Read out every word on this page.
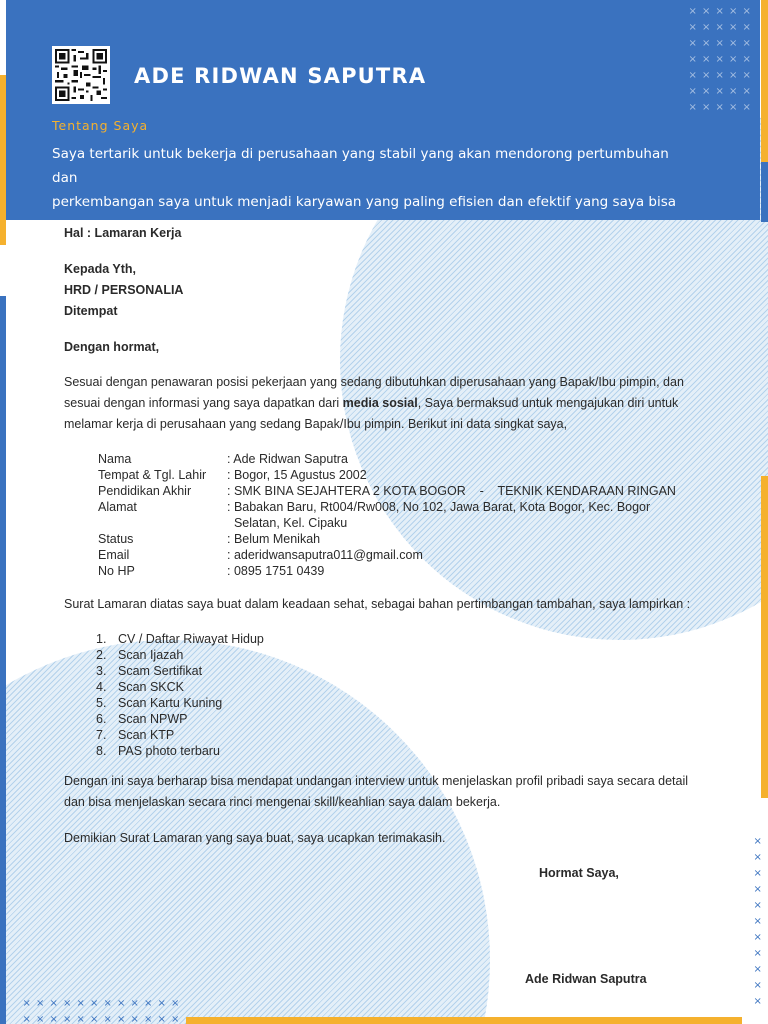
×
×
×
×
×
×
×
×
×
×
×
× × × × × × × × × × × ×
× × × × × × × × × × × ×
× × × × ×
× × × × ×
× × × × ×
× × × × ×
× × × × ×
× × × × ×
× × × × ×
ADE RIDWAN SAPUTRA
Tentang Saya
Saya tertarik untuk bekerja di perusahaan yang stabil yang akan mendorong pertumbuhan dan
perkembangan saya untuk menjadi karyawan yang paling efisien dan efektif yang saya bisa
Hal : Lamaran Kerja
Kepada Yth,
HRD / PERSONALIA
Ditempat
Dengan hormat,
Sesuai dengan penawaran posisi pekerjaan yang sedang dibutuhkan diperusahaan yang Bapak/Ibu pimpin, dan
sesuai dengan informasi yang saya dapatkan dari media sosial, Saya bermaksud untuk mengajukan diri untuk
melamar kerja di perusahaan yang sedang Bapak/Ibu pimpin. Berikut ini data singkat saya,
Nama	: Ade Ridwan Saputra
Tempat & Tgl. Lahir	: Bogor, 15 Agustus 2002
Pendidikan Akhir	: SMK BINA SEJAHTERA 2 KOTA BOGOR    -    TEKNIK KENDARAAN RINGAN
Alamat	: Babakan Baru, Rt004/Rw008, No 102, Jawa Barat, Kota Bogor, Kec. Bogor
	Selatan, Kel. Cipaku
Status	: Belum Menikah
Email	: aderidwansaputra011@gmail.com
No HP	: 0895 1751 0439
Surat Lamaran diatas saya buat dalam keadaan sehat, sebagai bahan pertimbangan tambahan, saya lampirkan :
1. CV / Daftar Riwayat Hidup
2. Scan Ijazah
3. Scam Sertifikat
4. Scan SKCK
5. Scan Kartu Kuning
6. Scan NPWP
7. Scan KTP
8. PAS photo terbaru
Dengan ini saya berharap bisa mendapat undangan interview untuk menjelaskan profil pribadi saya secara detail
dan bisa menjelaskan secara rinci mengenai skill/keahlian saya dalam bekerja.
Demikian Surat Lamaran yang saya buat, saya ucapkan terimakasih.
Hormat Saya,
Ade Ridwan Saputra
